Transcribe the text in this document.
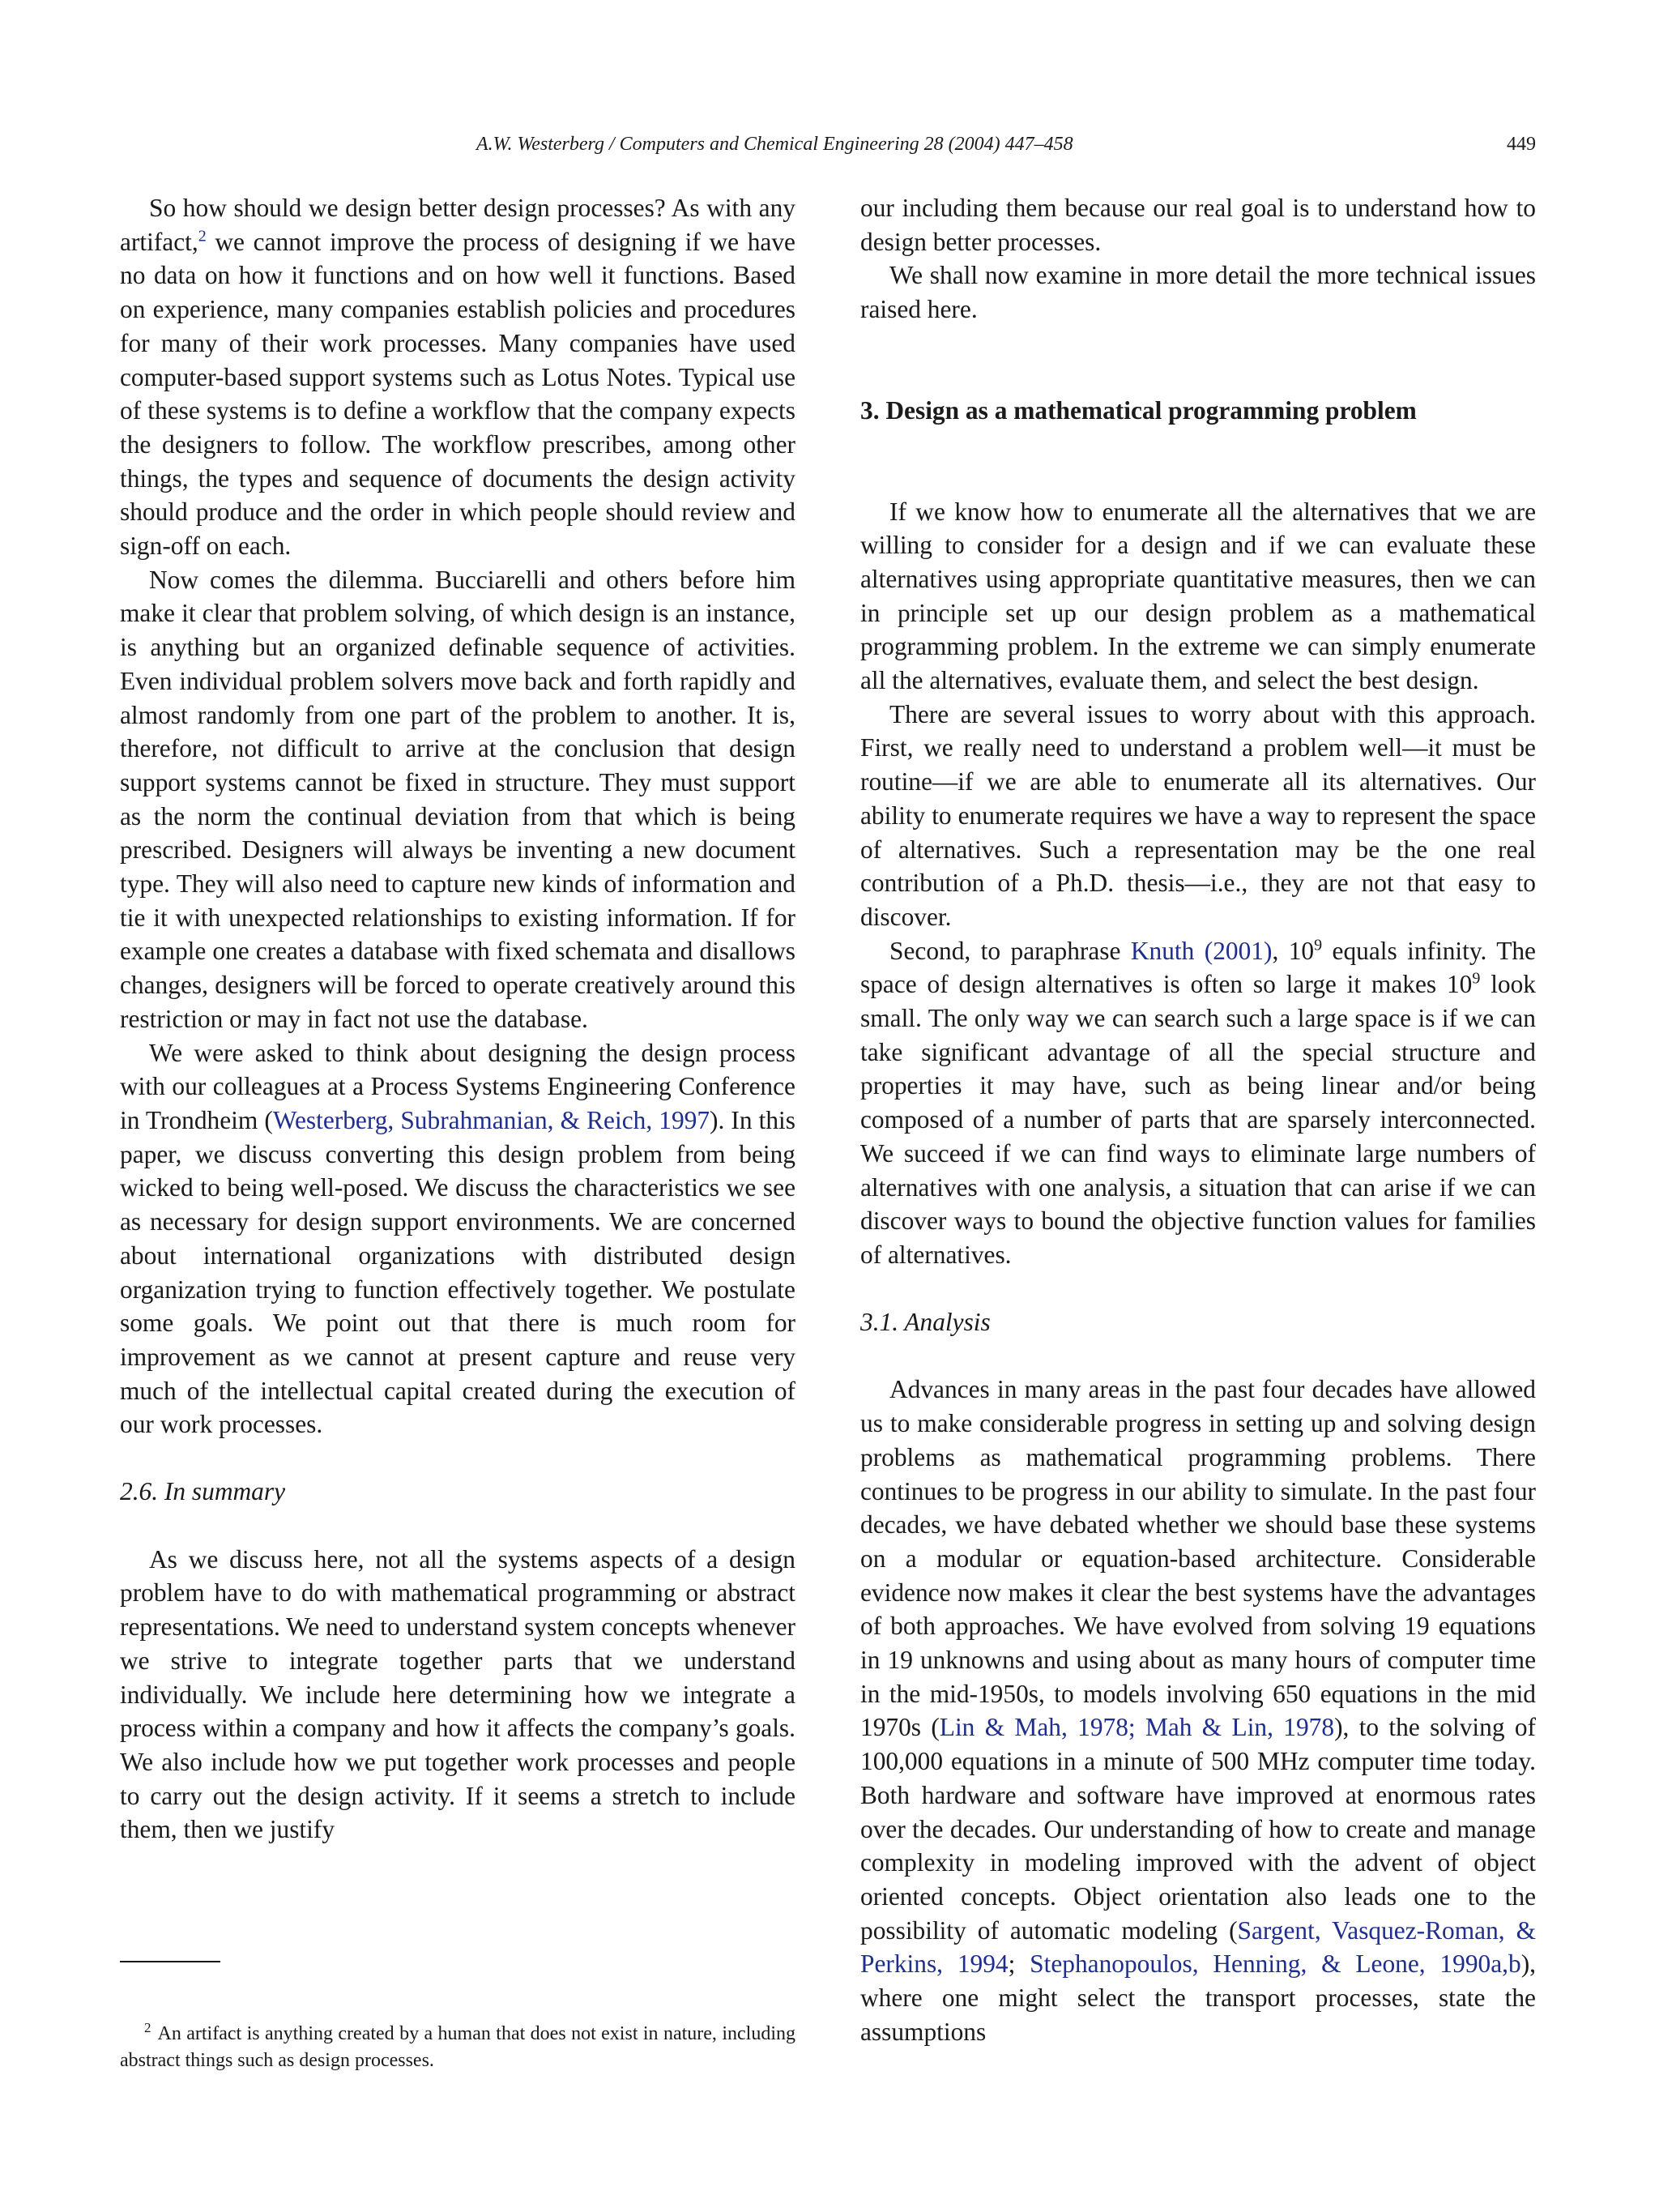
A.W. Westerberg / Computers and Chemical Engineering 28 (2004) 447–458	449

So how should we design better design processes? As with any artifact,$^2$ we cannot improve the process of designing if we have no data on how it functions and on how well it functions. Based on experience, many companies establish policies and procedures for many of their work processes. Many companies have used computer-based support systems such as Lotus Notes. Typical use of these systems is to define a workflow that the company expects the designers to follow. The workflow prescribes, among other things, the types and sequence of documents the design activity should produce and the order in which people should review and sign-off on each.

Now comes the dilemma. Bucciarelli and others before him make it clear that problem solving, of which design is an instance, is anything but an organized definable sequence of activities. Even individual problem solvers move back and forth rapidly and almost randomly from one part of the problem to another. It is, therefore, not difficult to arrive at the conclusion that design support systems cannot be fixed in structure. They must support as the norm the continual deviation from that which is being prescribed. Designers will always be inventing a new document type. They will also need to capture new kinds of information and tie it with unexpected relationships to existing information. If for example one creates a database with fixed schemata and disallows changes, designers will be forced to operate creatively around this restriction or may in fact not use the database.

We were asked to think about designing the design process with our colleagues at a Process Systems Engineering Conference in Trondheim (Westerberg, Subrahmanian, & Reich, 1997). In this paper, we discuss converting this design problem from being wicked to being well-posed. We discuss the characteristics we see as necessary for design support environments. We are concerned about international organizations with distributed design organization trying to function effectively together. We postulate some goals. We point out that there is much room for improvement as we cannot at present capture and reuse very much of the intellectual capital created during the execution of our work processes.

2.6. In summary

As we discuss here, not all the systems aspects of a design problem have to do with mathematical programming or abstract representations. We need to understand system concepts whenever we strive to integrate together parts that we understand individually. We include here determining how we integrate a process within a company and how it affects the company’s goals. We also include how we put together work processes and people to carry out the design activity. If it seems a stretch to include them, then we justify

$^2$ An artifact is anything created by a human that does not exist in nature, including abstract things such as design processes.

our including them because our real goal is to understand how to design better processes.

We shall now examine in more detail the more technical issues raised here.

3. Design as a mathematical programming problem

If we know how to enumerate all the alternatives that we are willing to consider for a design and if we can evaluate these alternatives using appropriate quantitative measures, then we can in principle set up our design problem as a mathematical programming problem. In the extreme we can simply enumerate all the alternatives, evaluate them, and select the best design.

There are several issues to worry about with this approach. First, we really need to understand a problem well—it must be routine—if we are able to enumerate all its alternatives. Our ability to enumerate requires we have a way to represent the space of alternatives. Such a representation may be the one real contribution of a Ph.D. thesis—i.e., they are not that easy to discover.

Second, to paraphrase Knuth (2001), $10^9$ equals infinity. The space of design alternatives is often so large it makes $10^9$ look small. The only way we can search such a large space is if we can take significant advantage of all the special structure and properties it may have, such as being linear and/or being composed of a number of parts that are sparsely interconnected. We succeed if we can find ways to eliminate large numbers of alternatives with one analysis, a situation that can arise if we can discover ways to bound the objective function values for families of alternatives.

3.1. Analysis

Advances in many areas in the past four decades have allowed us to make considerable progress in setting up and solving design problems as mathematical programming problems. There continues to be progress in our ability to simulate. In the past four decades, we have debated whether we should base these systems on a modular or equation-based architecture. Considerable evidence now makes it clear the best systems have the advantages of both approaches. We have evolved from solving 19 equations in 19 unknowns and using about as many hours of computer time in the mid-1950s, to models involving 650 equations in the mid 1970s (Lin & Mah, 1978; Mah & Lin, 1978), to the solving of 100,000 equations in a minute of 500 MHz computer time today. Both hardware and software have improved at enormous rates over the decades. Our understanding of how to create and manage complexity in modeling improved with the advent of object oriented concepts. Object orientation also leads one to the possibility of automatic modeling (Sargent, Vasquez-Roman, & Perkins, 1994; Stephanopoulos, Henning, & Leone, 1990a,b), where one might select the transport processes, state the assumptions
